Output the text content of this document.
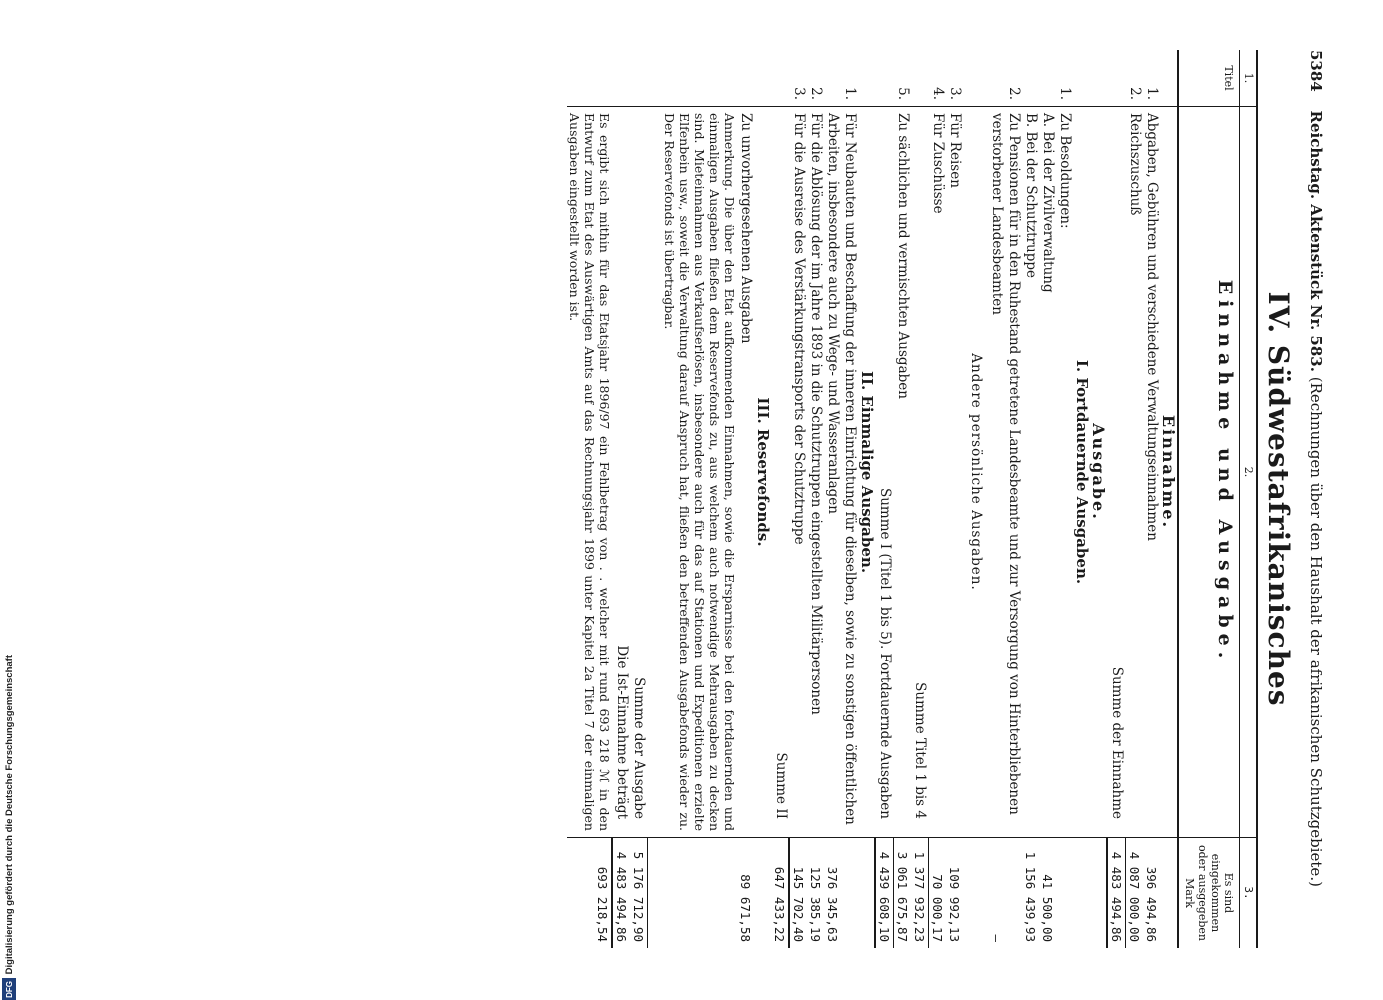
5384 Reichstag. Aktenstück Nr. 583. (Rechnungen über den Haushalt der afrikanischen Schutzgebiete.)
IV. Südwestafrikanisches
1.
Titel	2.
Einnahme und Ausgabe.	3.
Es sind eingekommen oder ausgegeben Mark

	Einnahme.	
1.	Abgaben, Gebühren und verschiedene Verwaltungseinnahmen	396 494,86
2.	Reichszuschuß	4 087 000,00
	Summe der Einnahme	4 483 494,86
	Ausgabe.	
	I. Fortdauernde Ausgaben.	
1.	Zu Besoldungen:	
	A. Bei der Zivilverwaltung	41 500,00
	B. Bei der Schutztruppe	1 156 439,93
2.	Zu Pensionen für in den Ruhestand getretene Landesbeamte und zur Versorgung von Hinterbliebenen verstorbener Landesbeamten	—
	Andere persönliche Ausgaben.	
3.	Für Reisen	109 992,13
4.	Für Zuschüsse	70 000,17
	Summe Titel 1 bis 4	1 377 932,23
5.	Zu sächlichen und vermischten Ausgaben	3 061 675,87
	Summe I (Titel 1 bis 5). Fortdauernde Ausgaben	4 439 608,10
	II. Einmalige Ausgaben.	
1.	Für Neubauten und Beschaffung der inneren Einrichtung für dieselben, sowie zu sonstigen öffentlichen Arbeiten, insbesondere auch zu Wege- und Wasseranlagen	376 345,63
2.	Für die Ablösung der im Jahre 1893 in die Schutztruppen eingestellten Militärpersonen	125 385,19
3.	Für die Ausreise des Verstärkungstransports der Schutztruppe	145 702,40
	Summe II	647 433,22
	III. Reservefonds.	
	Zu unvorhergesehenen Ausgaben	89 671,58
	Anmerkung. Die über den Etat aufkommenden Einnahmen, sowie die Ersparnisse bei den fortdauernden und einmaligen Ausgaben fließen dem Reservefonds zu, aus welchem auch notwendige Mehrausgaben zu decken sind. Mieteinnahmen aus Verkaufserlösen, insbesondere auch für das auf Stationen und Expeditionen erzielte Elfenbein usw., soweit die Verwaltung darauf Anspruch hat, fließen den betreffenden Ausgabefonds wieder zu. Der Reservefonds ist übertragbar.	

	Summe der Ausgabe	5 176 712,90
	Die Ist-Einnahme beträgt	4 483 494,86
	Es ergibt sich mithin für das Etatsjahr 1896/97 ein Fehlbetrag von . . welcher mit rund 693 218 ℳ in den Entwurf zum Etat des Auswärtigen Amts auf das Rechnungsjahr 1899 unter Kapitel 2a Titel 7 der einmaligen Ausgaben eingestellt worden ist.	693 218,54
Digitalisierung gefördert durch die Deutsche Forschungsgemeinschaft
DFG
